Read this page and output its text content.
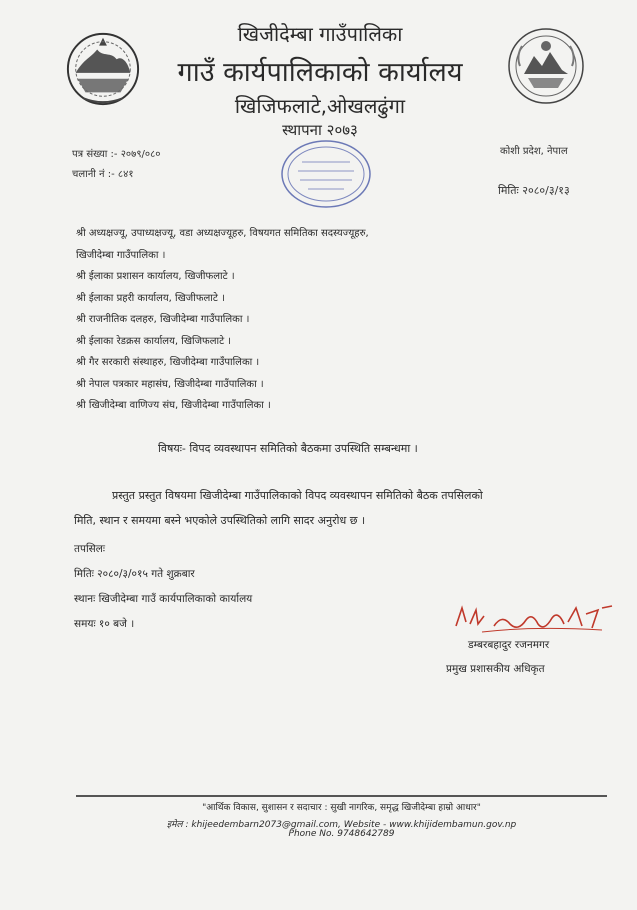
खिजीदेम्बा गाउँपालिका
गाउँ कार्यपालिकाको कार्यालय
खिजिफलाटे,ओखलढुंगा
स्थापना २०७३
पत्र संख्या :- २०७९/०८०
चलानी नं :- ८४१
कोशी प्रदेश, नेपाल
मितिः २०८०/३/१३
श्री अध्यक्षज्यू, उपाध्यक्षज्यू, वडा अध्यक्षज्यूहरु, विषयगत समितिका सदस्यज्यूहरु,
खिजीदेम्बा गाउँपालिका ।
श्री ईलाका प्रशासन कार्यालय, खिजीफलाटे ।
श्री ईलाका प्रहरी कार्यालय, खिजीफलाटे ।
श्री राजनीतिक दलहरु, खिजीदेम्बा गाउँपालिका ।
श्री ईलाका रेडक्रस कार्यालय, खिजिफलाटे ।
श्री गैर सरकारी संस्थाहरु, खिजीदेम्बा गाउँपालिका ।
श्री नेपाल पत्रकार महासंघ, खिजीदेम्बा गाउँपालिका ।
श्री खिजीदेम्बा वाणिज्य संघ, खिजीदेम्बा गाउँपालिका ।
विषयः- विपद व्यवस्थापन समितिको बैठकमा उपस्थिति सम्बन्धमा ।
प्रस्तुत प्रस्तुत विषयमा खिजीदेम्बा गाउँपालिकाको विपद व्यवस्थापन समितिको बैठक तपसिलको
मिति, स्थान र समयमा बस्ने भएकोले उपस्थितिको लागि सादर अनुरोध छ ।
तपसिलः
मितिः २०८०/३/०१५ गते शुक्रबार
स्थानः खिजीदेम्बा गाउँ कार्यपालिकाको कार्यालय
समयः १० बजे ।
डम्बरबहादुर रजनमगर
प्रमुख प्रशासकीय अधिकृत
"आर्थिक विकास, सुशासन र सदाचार : सुखी नागरिक, समृद्ध खिजीदेम्बा हाम्रो आधार"
इमेल : khijeedembarn2073@gmail.com, Website - www.khijidembamun.gov.np
Phone No. 9748642789
